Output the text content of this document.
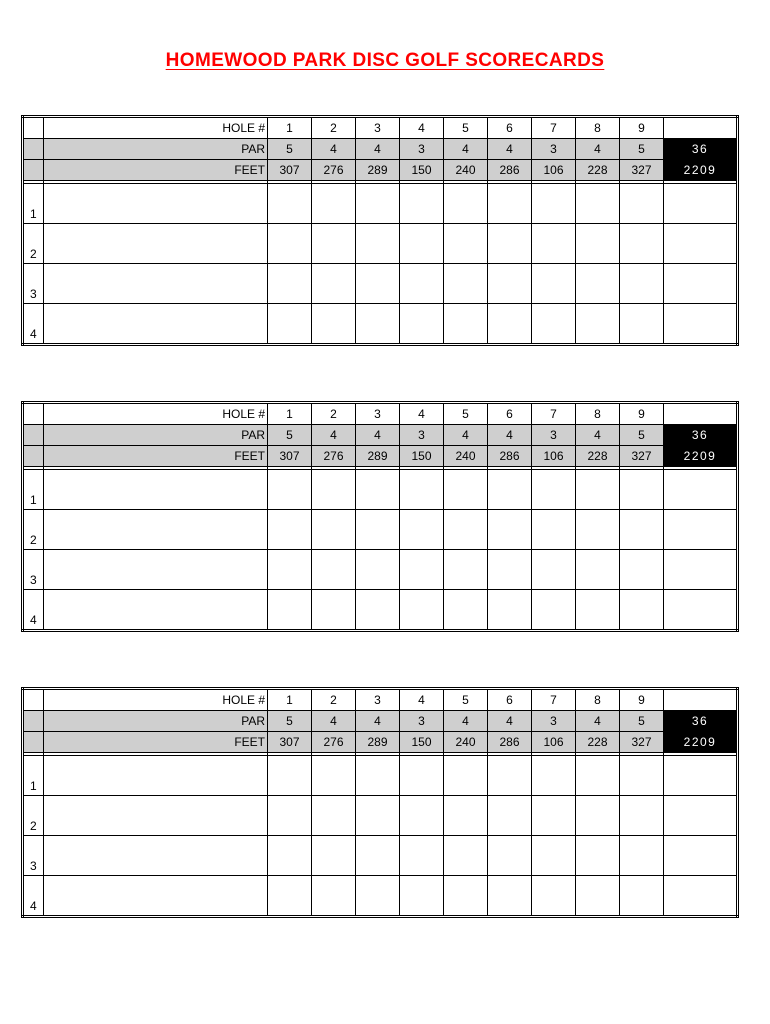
HOMEWOOD PARK DISC GOLF SCORECARDS
	HOLE #	1	2	3	4	5	6	7	8	9	
	PAR	5	4	4	3	4	4	3	4	5	36
	FEET	307	276	289	150	240	286	106	228	327	2209

1											
2											
3											
4											
	HOLE #	1	2	3	4	5	6	7	8	9	
	PAR	5	4	4	3	4	4	3	4	5	36
	FEET	307	276	289	150	240	286	106	228	327	2209

1											
2											
3											
4											
	HOLE #	1	2	3	4	5	6	7	8	9	
	PAR	5	4	4	3	4	4	3	4	5	36
	FEET	307	276	289	150	240	286	106	228	327	2209

1											
2											
3											
4											
